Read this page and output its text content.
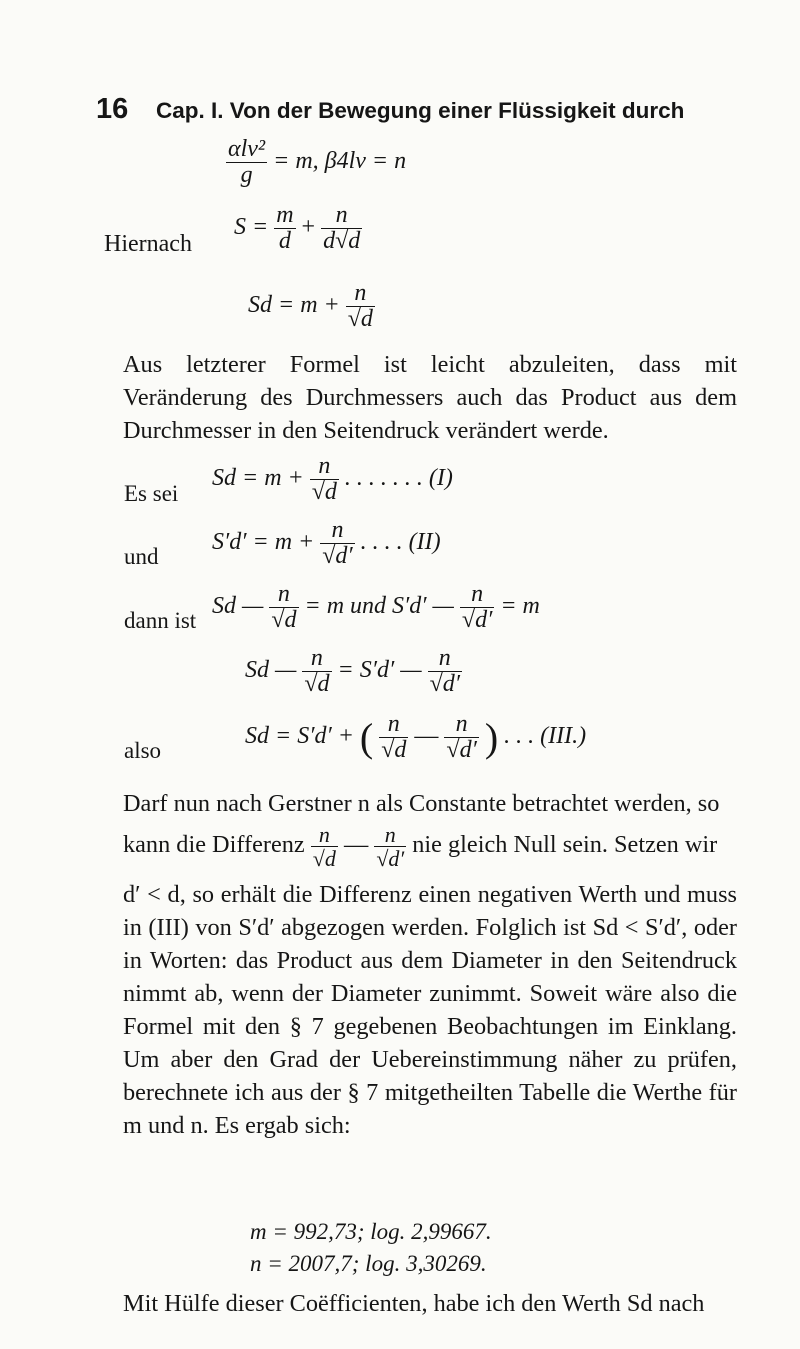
16 Cap. I. Von der Bewegung einer Flüssigkeit durch
$\frac{\text{αlv²}}{g} = m$, β4lv = n
Hiernach
$S = \frac{m}{d} + \frac{n}{d√d}$
$Sd = m + \frac{n}{√d}$
Aus letzterer Formel ist leicht abzuleiten, dass mit Veränderung des Durchmessers auch das Product aus dem Durchmesser in den Seitendruck verändert werde.
Es sei
$Sd = m + \frac{n}{√d}$ . . . . . . . (I)
und
$S'd' = m + \frac{n}{√d'}$ . . . . (II)
dann ist
Sd — $\frac{n}{√d} = m$ und S′d′ — $\frac{n}{√d'} = m$
Sd — $\frac{n}{√d} = S'd'$ — $\frac{n}{√d'}$
also
Sd = S′d′ + ( $\frac{n}{√d}$ — $\frac{n}{√d'}$ ) . . . (III.)
Darf nun nach Gerstner n als Constante betrachtet werden, so
kann die Differenz $\frac{n}{√d}$ — $\frac{n}{√d'}$ nie gleich Null sein. Setzen wir
d′ < d, so erhält die Differenz einen negativen Werth und muss in (III) von S′d′ abgezogen werden. Folglich ist Sd < S′d′, oder in Worten: das Product aus dem Diameter in den Seitendruck nimmt ab, wenn der Diameter zunimmt. Soweit wäre also die Formel mit den § 7 gegebenen Beobachtungen im Einklang. Um aber den Grad der Uebereinstimmung näher zu prüfen, berechnete ich aus der § 7 mitgetheilten Tabelle die Werthe für m und n. Es ergab sich:
m = 992,73; log. 2,99667.
n = 2007,7; log. 3,30269.
Mit Hülfe dieser Coëfficienten, habe ich den Werth Sd nach
